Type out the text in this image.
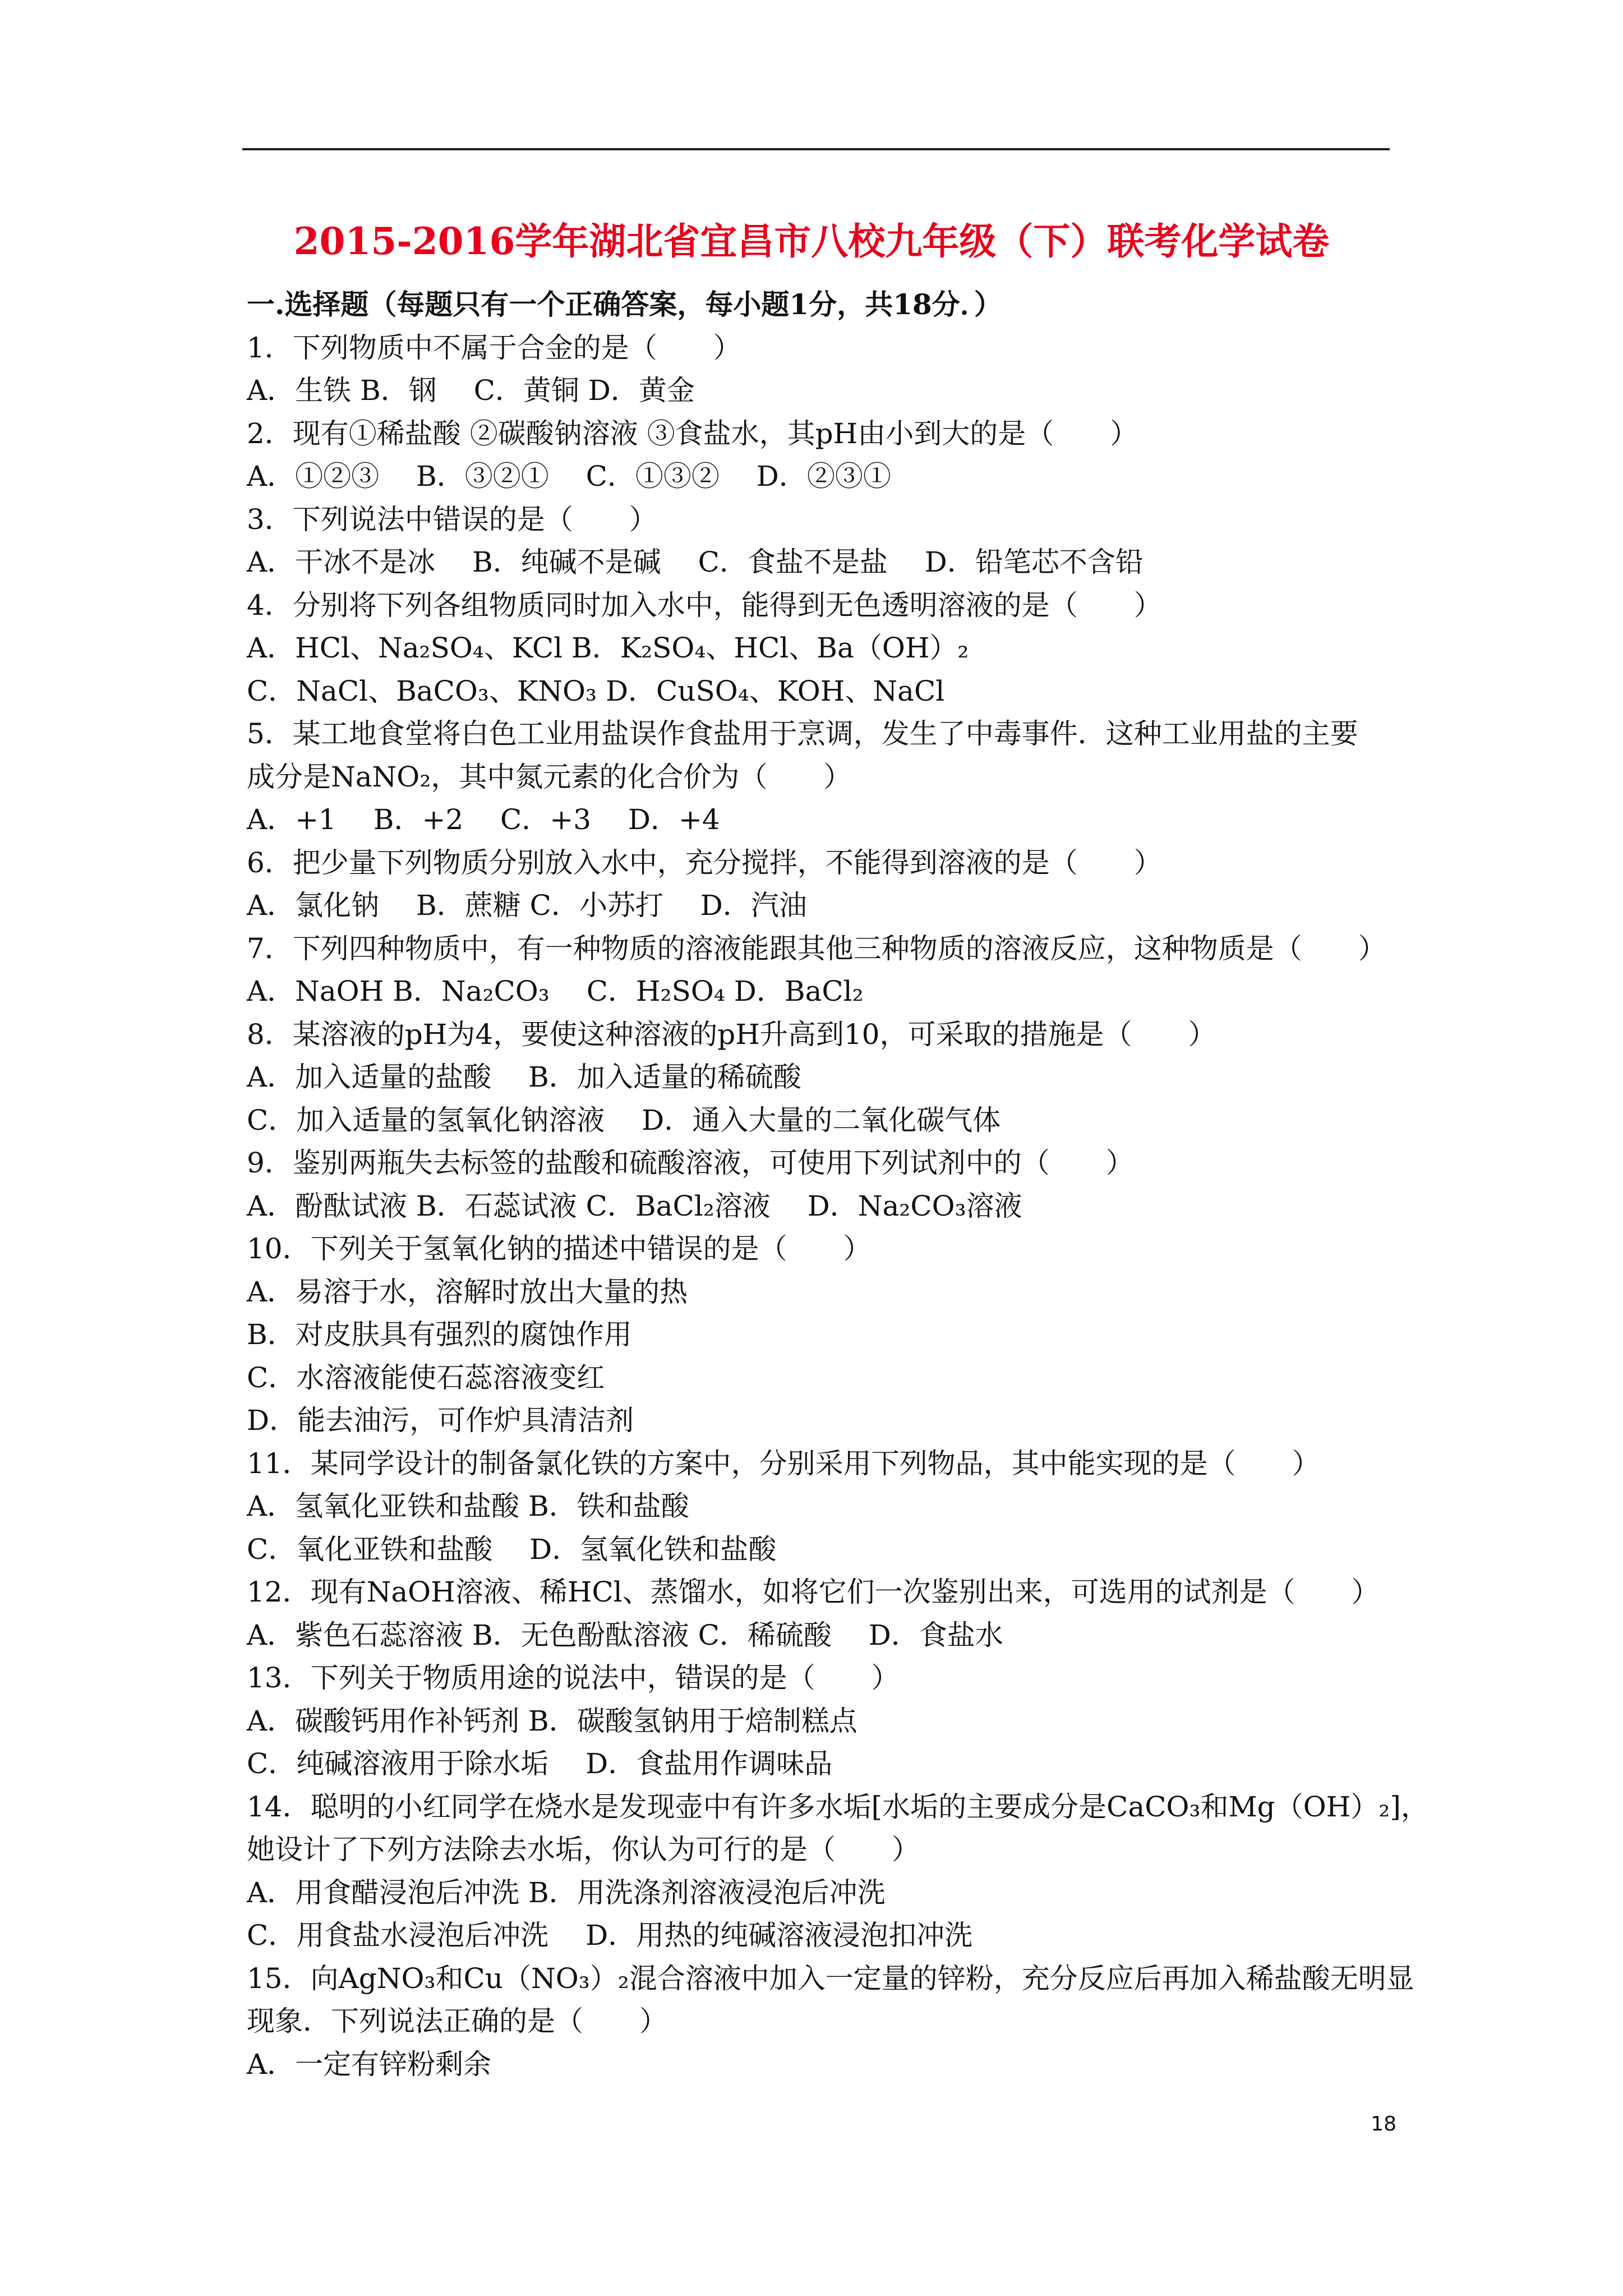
2015-2016学年湖北省宜昌市八校九年级（下）联考化学试卷
一.选择题（每题只有一个正确答案，每小题1分，共18分．）
1．下列物质中不属于合金的是（　　）
A．生铁 B．钢　 C．黄铜 D．黄金
2．现有①稀盐酸 ②碳酸钠溶液 ③食盐水，其pH由小到大的是（　　）
A．①②③　 B．③②①　 C．①③②　 D．②③①
3．下列说法中错误的是（　　）
A．干冰不是冰　 B．纯碱不是碱　 C．食盐不是盐　 D．铅笔芯不含铅
4．分别将下列各组物质同时加入水中，能得到无色透明溶液的是（　　）
A．HCl、Na₂SO₄、KCl B．K₂SO₄、HCl、Ba（OH）₂
C．NaCl、BaCO₃、KNO₃ D．CuSO₄、KOH、NaCl
5．某工地食堂将白色工业用盐误作食盐用于烹调，发生了中毒事件．这种工业用盐的主要
成分是NaNO₂，其中氮元素的化合价为（　　）
A．+1　 B．+2　 C．+3　 D．+4
6．把少量下列物质分别放入水中，充分搅拌，不能得到溶液的是（　　）
A．氯化钠　 B．蔗糖 C．小苏打　 D．汽油
7．下列四种物质中，有一种物质的溶液能跟其他三种物质的溶液反应，这种物质是（　　）
A．NaOH B．Na₂CO₃　 C．H₂SO₄ D．BaCl₂
8．某溶液的pH为4，要使这种溶液的pH升高到10，可采取的措施是（　　）
A．加入适量的盐酸　 B．加入适量的稀硫酸
C．加入适量的氢氧化钠溶液　 D．通入大量的二氧化碳气体
9．鉴别两瓶失去标签的盐酸和硫酸溶液，可使用下列试剂中的（　　）
A．酚酞试液 B．石蕊试液 C．BaCl₂溶液　 D．Na₂CO₃溶液
10．下列关于氢氧化钠的描述中错误的是（　　）
A．易溶于水，溶解时放出大量的热
B．对皮肤具有强烈的腐蚀作用
C．水溶液能使石蕊溶液变红
D．能去油污，可作炉具清洁剂
11．某同学设计的制备氯化铁的方案中，分别采用下列物品，其中能实现的是（　　）
A．氢氧化亚铁和盐酸 B．铁和盐酸
C．氧化亚铁和盐酸　 D．氢氧化铁和盐酸
12．现有NaOH溶液、稀HCl、蒸馏水，如将它们一次鉴别出来，可选用的试剂是（　　）
A．紫色石蕊溶液 B．无色酚酞溶液 C．稀硫酸　 D．食盐水
13．下列关于物质用途的说法中，错误的是（　　）
A．碳酸钙用作补钙剂 B．碳酸氢钠用于焙制糕点
C．纯碱溶液用于除水垢　 D．食盐用作调味品
14．聪明的小红同学在烧水是发现壶中有许多水垢[水垢的主要成分是CaCO₃和Mg（OH）₂]，
她设计了下列方法除去水垢，你认为可行的是（　　）
A．用食醋浸泡后冲洗 B．用洗涤剂溶液浸泡后冲洗
C．用食盐水浸泡后冲洗　 D．用热的纯碱溶液浸泡扣冲洗
15．向AgNO₃和Cu（NO₃）₂混合溶液中加入一定量的锌粉，充分反应后再加入稀盐酸无明显
现象．下列说法正确的是（　　）
A．一定有锌粉剩余
18
